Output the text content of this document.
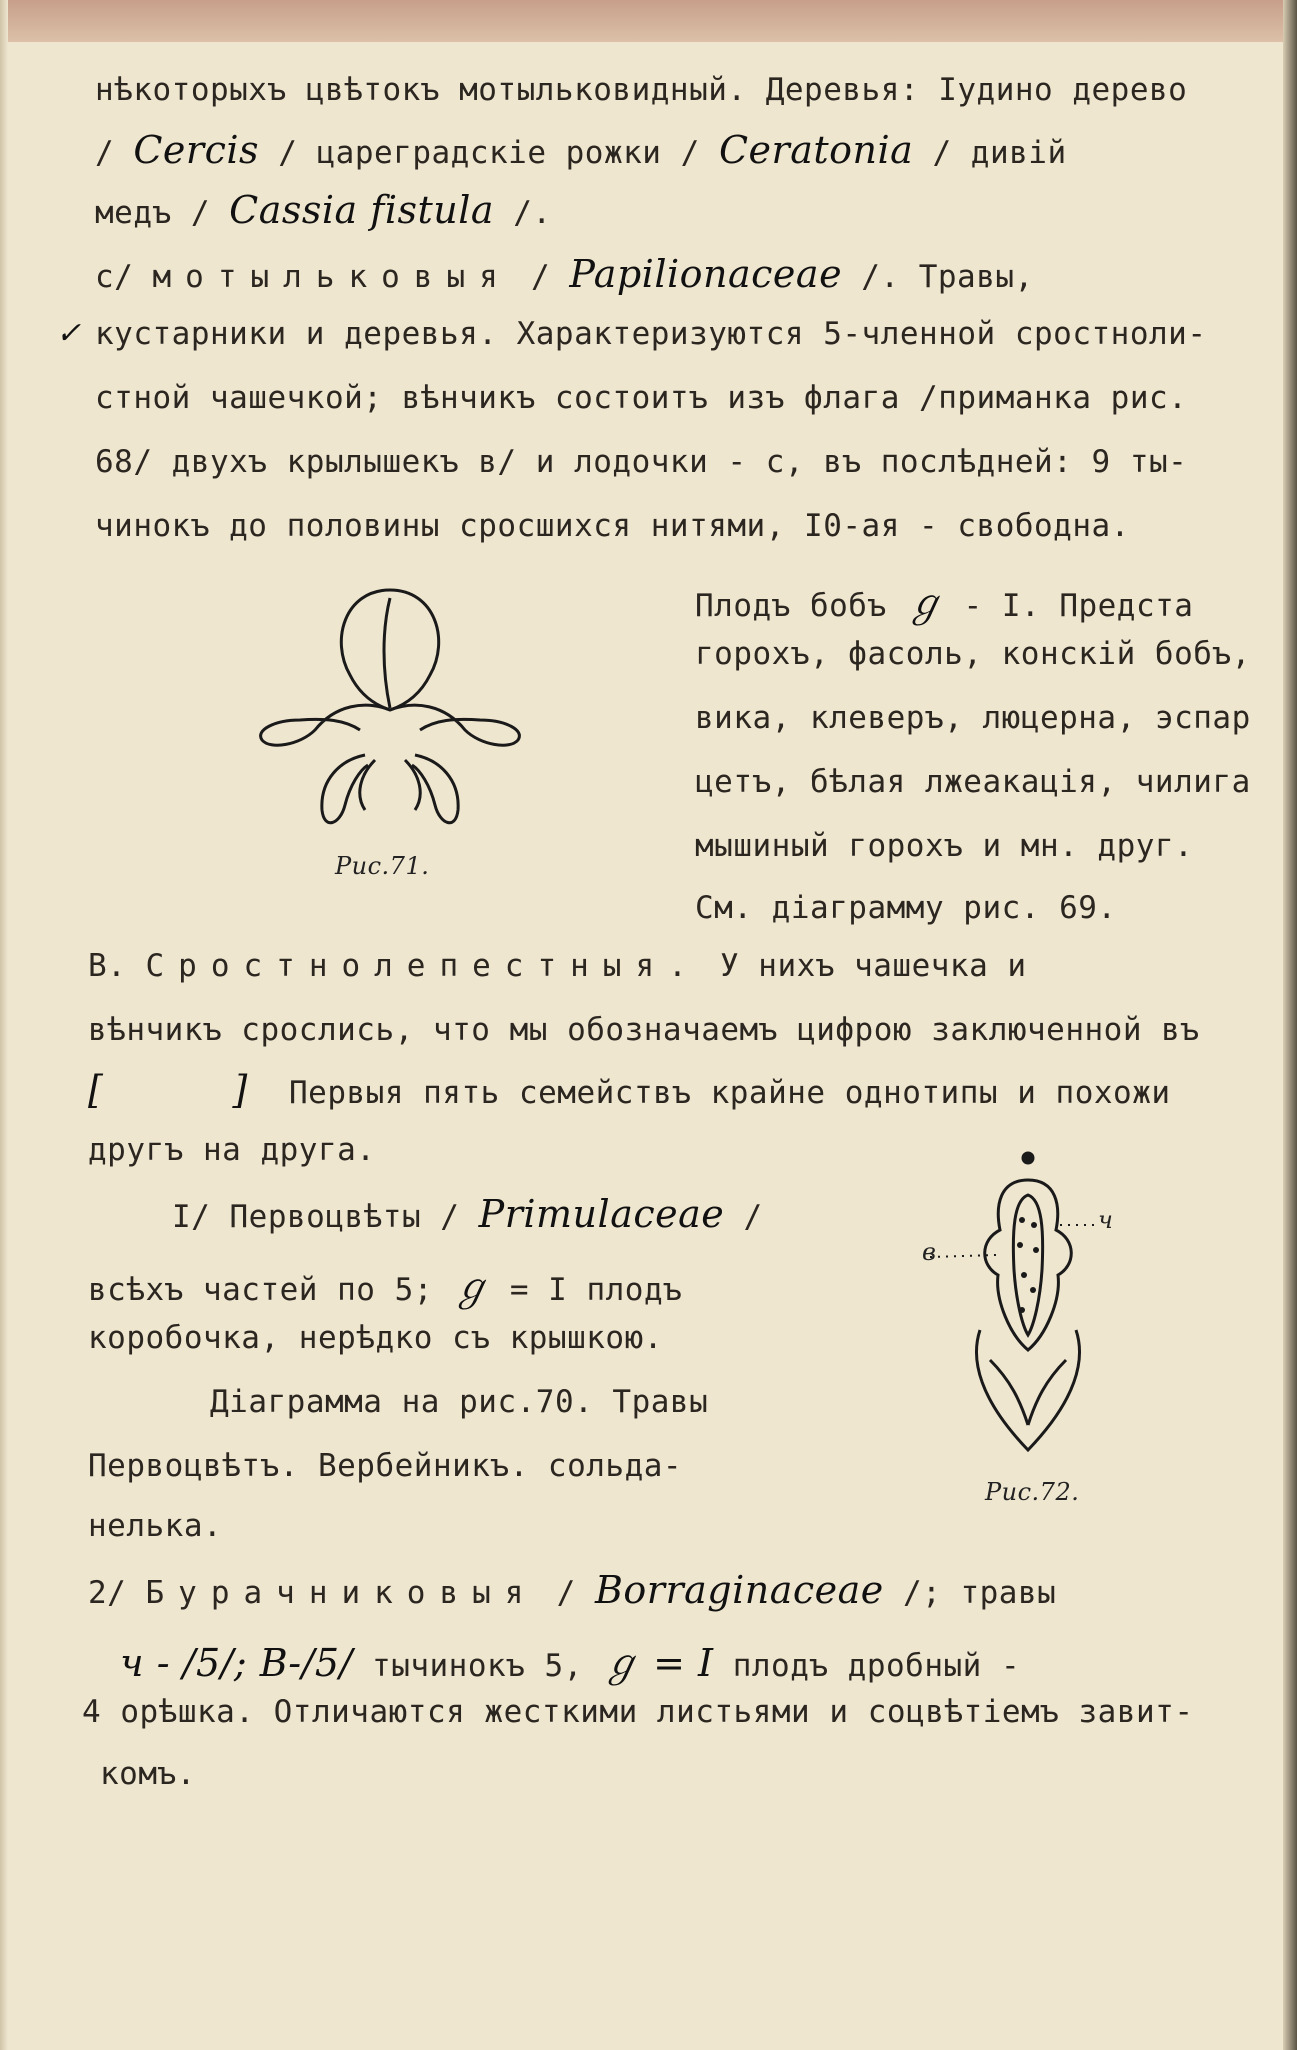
нѣкоторыхъ цвѣтокъ мотыльковидный. Деревья: Іудино дерево
/ Cercis / цареградскіе рожки / Ceratonia / дивій
медъ / Cassia fistula /.
с/ мотыльковыя / Papilionaceae /. Травы,
✓ кустарники и деревья. Характеризуются 5-членной сростноли-
стной чашечкой; вѣнчикъ состоитъ изъ флага /приманка рис.
68/ двухъ крылышекъ в/ и лодочки - с, въ послѣдней: 9 ты-
чинокъ до половины сросшихся нитями, I0-ая - свободна.
Рис.71.
Плодъ бобъ ℊ - I. Предста
горохъ, фасоль, конскій бобъ,
вика, клеверъ, люцерна, эспар
цетъ, бѣлая лжеакація, чилига
мышиный горохъ и мн. друг.
См. діаграмму рис. 69.
В. Сростнолепестныя. У нихъ чашечка и
вѣнчикъ срослись, что мы обозначаемъ цифрою заключенной въ
[	] Первыя пять семействъ крайне однотипы и похожи
другъ на друга.
I/ Первоцвѣты / Primulaceae /
всѣхъ частей по 5; ℊ = I плодъ
коробочка, нерѣдко съ крышкою.
Діаграмма на рис.70. Травы
Первоцвѣтъ. Вербейникъ. сольда-
нелька.
в
ч
Рис.72.
2/ Бурачниковыя / Borraginaceae /; травы
ч - /5/; В-/5/ тычинокъ 5, ℊ = I плодъ дробный -
4 орѣшка. Отличаются жесткими листьями и соцвѣтіемъ завит-
комъ.
